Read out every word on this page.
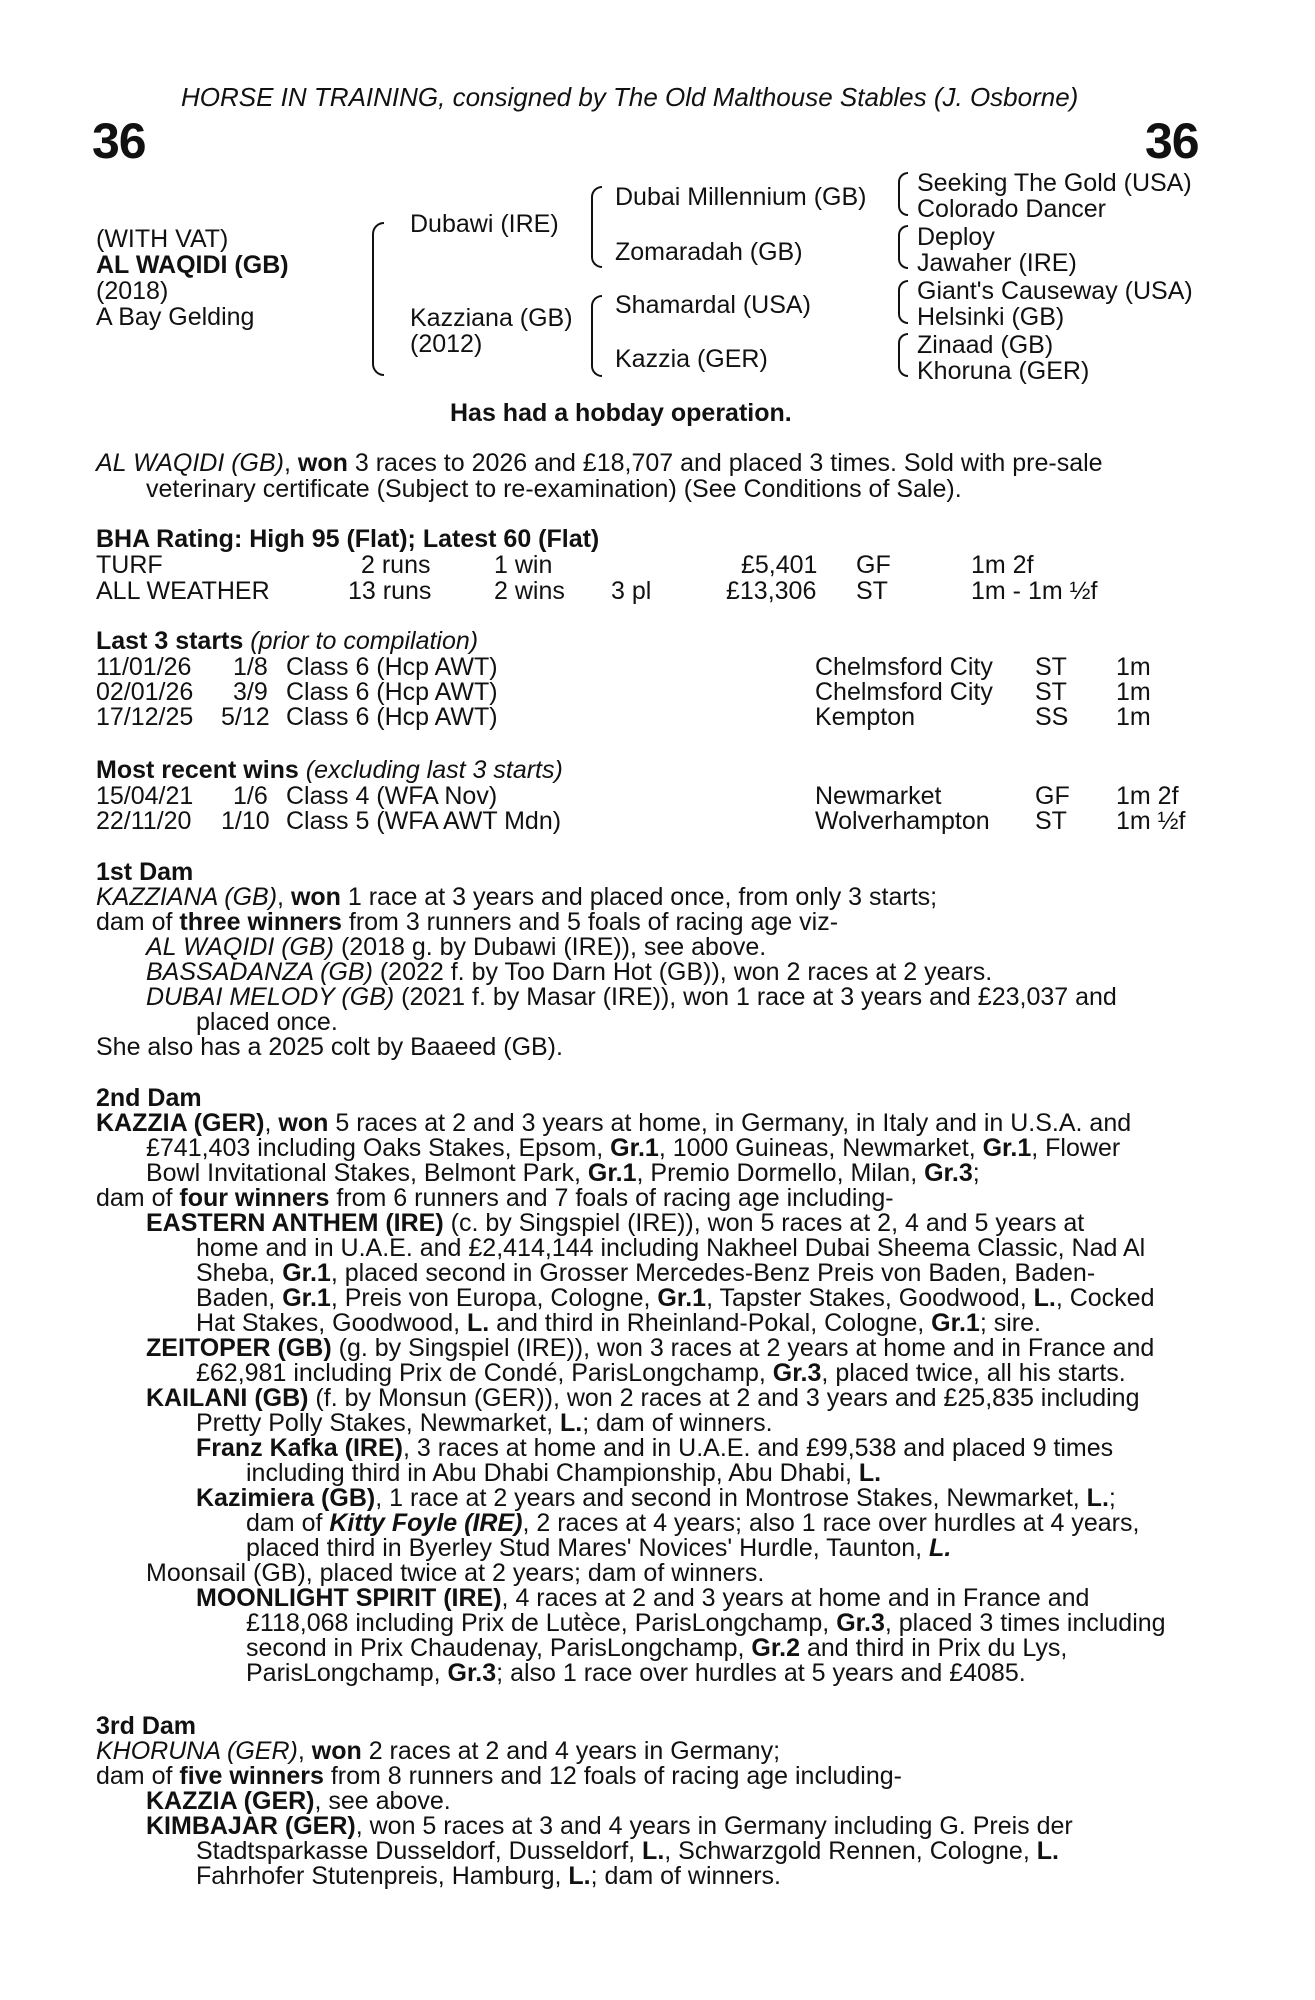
HORSE IN TRAINING, consigned by The Old Malthouse Stables (J. Osborne)
36	36
(WITH VAT)
AL WAQIDI (GB)
(2018)
A Bay Gelding
Dubawi (IRE)
Kazziana (GB)
(2012)
Dubai Millennium (GB)
Zomaradah (GB)
Shamardal (USA)
Kazzia (GER)
Seeking The Gold (USA)
Colorado Dancer
Deploy
Jawaher (IRE)
Giant's Causeway (USA)
Helsinki (GB)
Zinaad (GB)
Khoruna (GER)
Has had a hobday operation.
AL WAQIDI (GB), won 3 races to 2026 and £18,707 and placed 3 times. Sold with pre-sale
veterinary certificate (Subject to re-examination) (See Conditions of Sale).
BHA Rating: High 95 (Flat); Latest 60 (Flat)
TURF	2 runs	1 win	£5,401 GF	1m 2f
ALL WEATHER	13 runs	2 wins 3 pl	£13,306 ST	1m - 1m ½f
Last 3 starts (prior to compilation)
11/01/26 1/8 Class 6 (Hcp AWT)	Chelmsford City ST 1m
02/01/26 3/9 Class 6 (Hcp AWT)	Chelmsford City ST 1m
17/12/25 5/12 Class 6 (Hcp AWT)	Kempton	SS 1m
Most recent wins (excluding last 3 starts)
15/04/21 1/6 Class 4 (WFA Nov)	Newmarket	GF 1m 2f
22/11/20 1/10 Class 5 (WFA AWT Mdn)	Wolverhampton ST 1m ½f
1st Dam
KAZZIANA (GB), won 1 race at 3 years and placed once, from only 3 starts;
dam of three winners from 3 runners and 5 foals of racing age viz-
AL WAQIDI (GB) (2018 g. by Dubawi (IRE)), see above.
BASSADANZA (GB) (2022 f. by Too Darn Hot (GB)), won 2 races at 2 years.
DUBAI MELODY (GB) (2021 f. by Masar (IRE)), won 1 race at 3 years and £23,037 and
placed once.
She also has a 2025 colt by Baaeed (GB).
2nd Dam
KAZZIA (GER), won 5 races at 2 and 3 years at home, in Germany, in Italy and in U.S.A. and
£741,403 including Oaks Stakes, Epsom, Gr.1, 1000 Guineas, Newmarket, Gr.1, Flower
Bowl Invitational Stakes, Belmont Park, Gr.1, Premio Dormello, Milan, Gr.3;
dam of four winners from 6 runners and 7 foals of racing age including-
EASTERN ANTHEM (IRE) (c. by Singspiel (IRE)), won 5 races at 2, 4 and 5 years at
home and in U.A.E. and £2,414,144 including Nakheel Dubai Sheema Classic, Nad Al
Sheba, Gr.1, placed second in Grosser Mercedes-Benz Preis von Baden, Baden-
Baden, Gr.1, Preis von Europa, Cologne, Gr.1, Tapster Stakes, Goodwood, L., Cocked
Hat Stakes, Goodwood, L. and third in Rheinland-Pokal, Cologne, Gr.1; sire.
ZEITOPER (GB) (g. by Singspiel (IRE)), won 3 races at 2 years at home and in France and
£62,981 including Prix de Condé, ParisLongchamp, Gr.3, placed twice, all his starts.
KAILANI (GB) (f. by Monsun (GER)), won 2 races at 2 and 3 years and £25,835 including
Pretty Polly Stakes, Newmarket, L.; dam of winners.
Franz Kafka (IRE), 3 races at home and in U.A.E. and £99,538 and placed 9 times
including third in Abu Dhabi Championship, Abu Dhabi, L.
Kazimiera (GB), 1 race at 2 years and second in Montrose Stakes, Newmarket, L.;
dam of Kitty Foyle (IRE), 2 races at 4 years; also 1 race over hurdles at 4 years,
placed third in Byerley Stud Mares' Novices' Hurdle, Taunton, L.
Moonsail (GB), placed twice at 2 years; dam of winners.
MOONLIGHT SPIRIT (IRE), 4 races at 2 and 3 years at home and in France and
£118,068 including Prix de Lutèce, ParisLongchamp, Gr.3, placed 3 times including
second in Prix Chaudenay, ParisLongchamp, Gr.2 and third in Prix du Lys,
ParisLongchamp, Gr.3; also 1 race over hurdles at 5 years and £4085.
3rd Dam
KHORUNA (GER), won 2 races at 2 and 4 years in Germany;
dam of five winners from 8 runners and 12 foals of racing age including-
KAZZIA (GER), see above.
KIMBAJAR (GER), won 5 races at 3 and 4 years in Germany including G. Preis der
Stadtsparkasse Dusseldorf, Dusseldorf, L., Schwarzgold Rennen, Cologne, L.
Fahrhofer Stutenpreis, Hamburg, L.; dam of winners.
